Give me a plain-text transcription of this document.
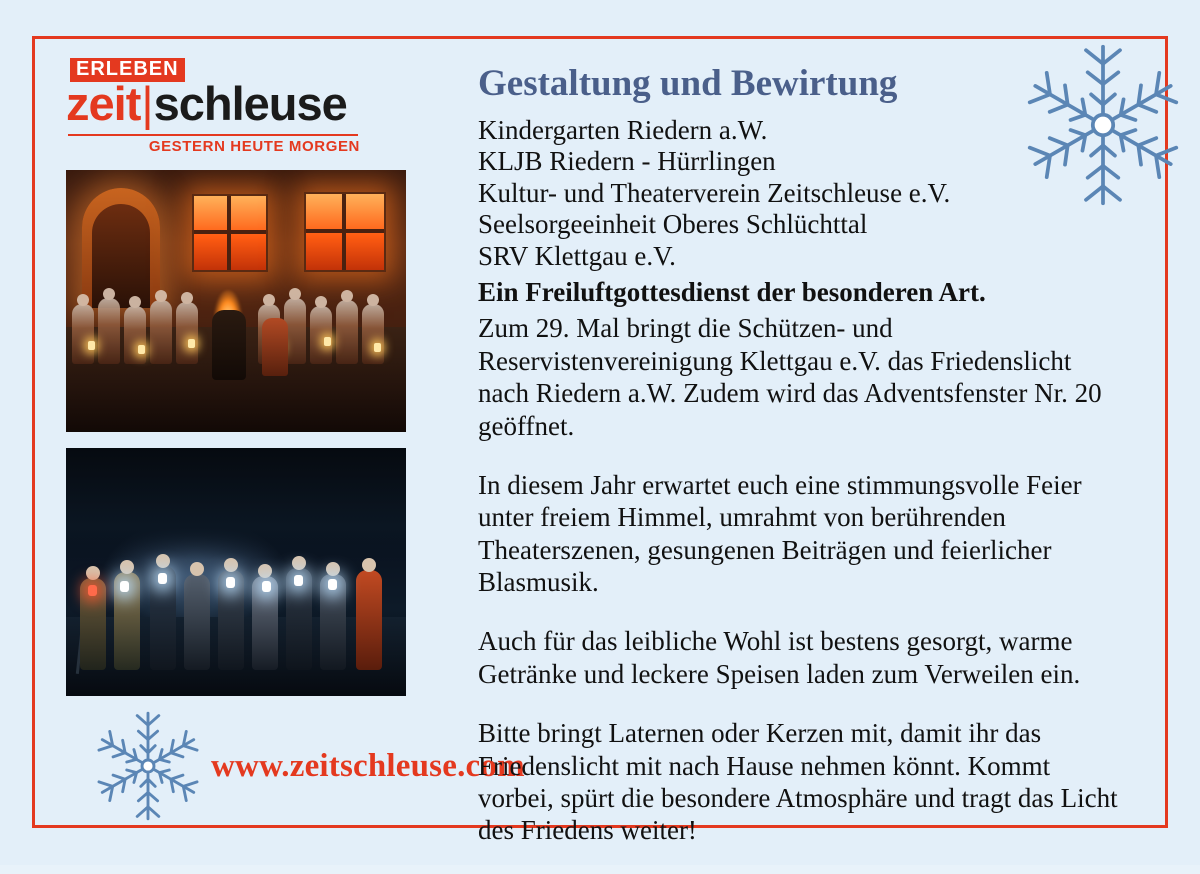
ERLEBEN
zeit|schleuse
GESTERN HEUTE MORGEN
www.zeitschleuse.com
Gestaltung und Bewirtung
Kindergarten Riedern a.W.
KLJB Riedern - Hürrlingen
Kultur- und Theaterverein Zeitschleuse e.V.
Seelsorgeeinheit Oberes Schlüchttal
SRV Klettgau e.V.
Ein Freiluftgottesdienst der besonderen Art.

Zum 29. Mal bringt die Schützen- und Reservistenvereinigung Klettgau e.V. das Friedenslicht nach Riedern a.W. Zudem wird das Adventsfenster Nr. 20 geöffnet.

In diesem Jahr erwartet euch eine stimmungsvolle Feier unter freiem Himmel, umrahmt von berührenden Theaterszenen, gesungenen Beiträgen und feierlicher Blasmusik.

Auch für das leibliche Wohl ist bestens gesorgt, warme Getränke und leckere Speisen laden zum Verweilen ein.

Bitte bringt Laternen oder Kerzen mit, damit ihr das Friedenslicht mit nach Hause nehmen könnt. Kommt vorbei, spürt die besondere Atmosphäre und tragt das Licht des Friedens weiter!
